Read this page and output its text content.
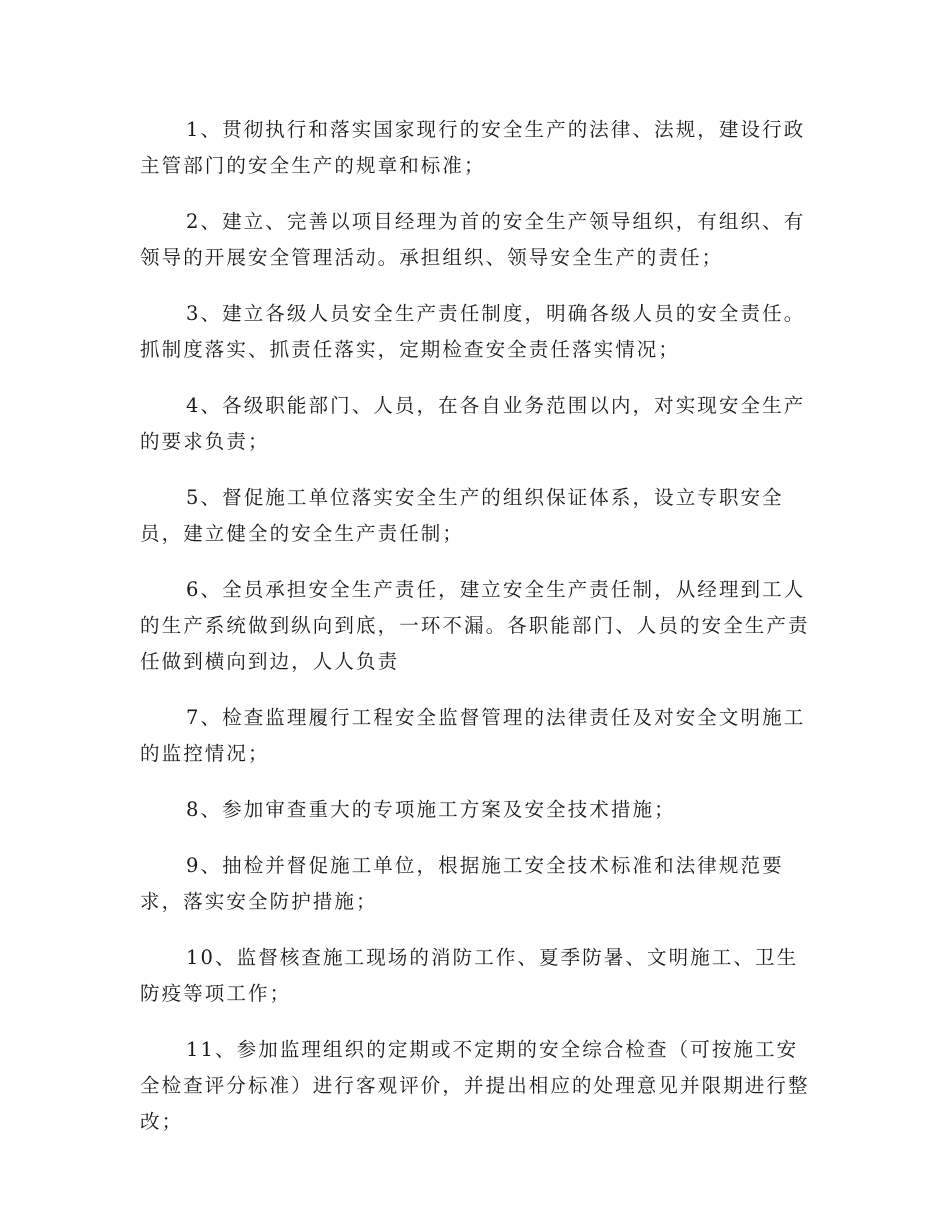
1、贯彻执行和落实国家现行的安全生产的法律、法规，建设行政主管部门的安全生产的规章和标准；

2、建立、完善以项目经理为首的安全生产领导组织，有组织、有领导的开展安全管理活动。承担组织、领导安全生产的责任；

3、建立各级人员安全生产责任制度，明确各级人员的安全责任。抓制度落实、抓责任落实，定期检查安全责任落实情况；

4、各级职能部门、人员，在各自业务范围以内，对实现安全生产的要求负责；

5、督促施工单位落实安全生产的组织保证体系，设立专职安全员，建立健全的安全生产责任制；

6、全员承担安全生产责任，建立安全生产责任制，从经理到工人的生产系统做到纵向到底，一环不漏。各职能部门、人员的安全生产责任做到横向到边，人人负责

7、检查监理履行工程安全监督管理的法律责任及对安全文明施工的监控情况；

8、参加审查重大的专项施工方案及安全技术措施；

9、抽检并督促施工单位，根据施工安全技术标准和法律规范要求，落实安全防护措施；

10、监督核查施工现场的消防工作、夏季防暑、文明施工、卫生防疫等项工作；

11、参加监理组织的定期或不定期的安全综合检查（可按施工安全检查评分标准）进行客观评价，并提出相应的处理意见并限期进行整改；
